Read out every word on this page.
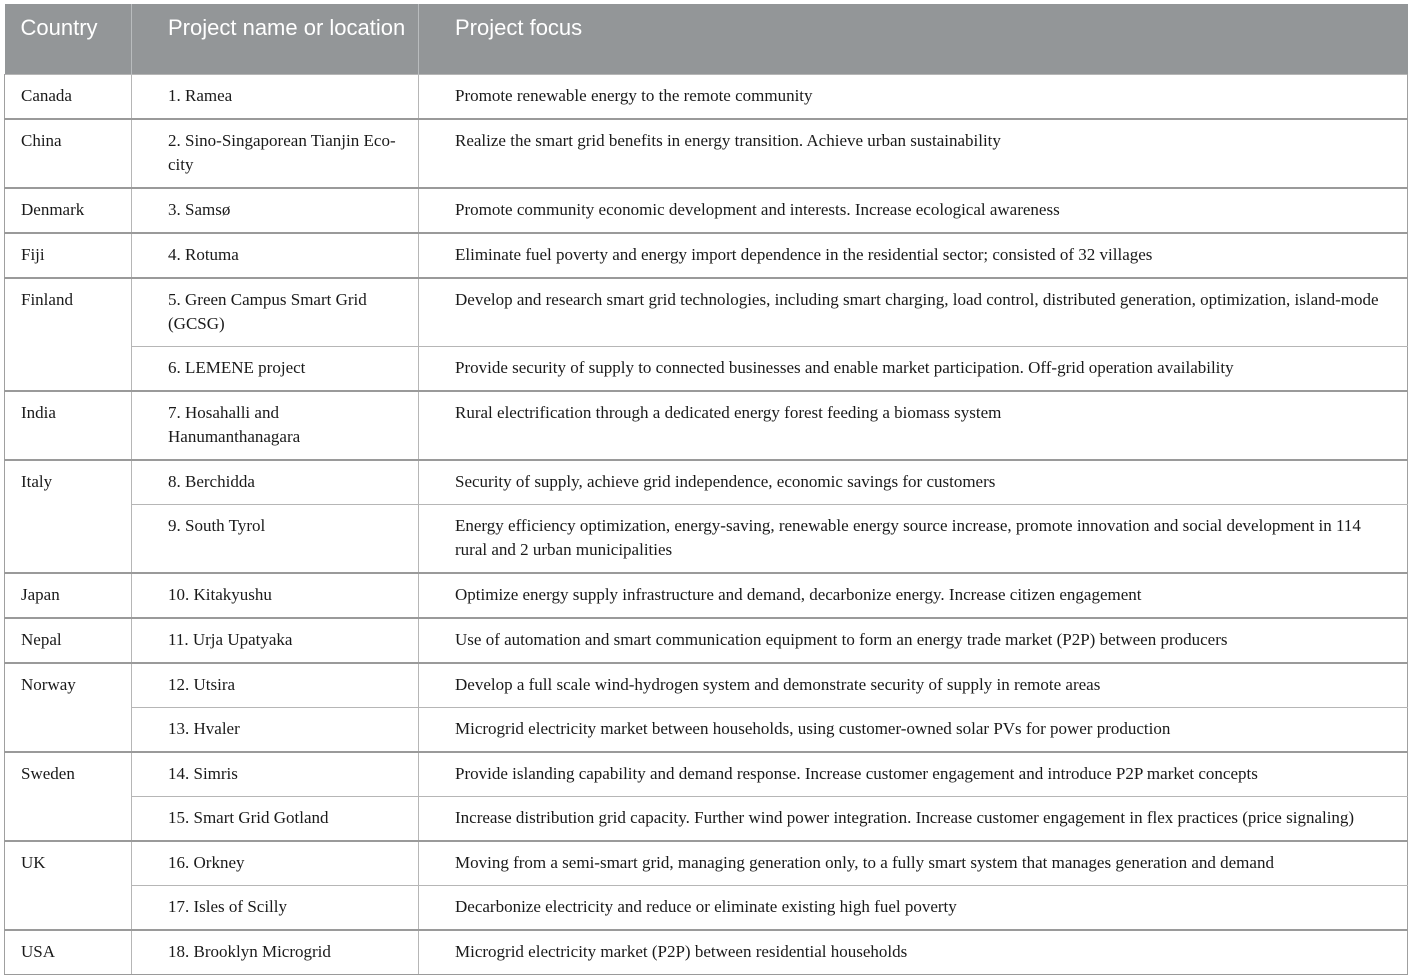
Country	Project name or location	Project focus
Canada	1. Ramea	Promote renewable energy to the remote community
China	2. Sino-Singaporean Tianjin Eco-city	Realize the smart grid benefits in energy transition. Achieve urban sustainability
Denmark	3. Samsø	Promote community economic development and interests. Increase ecological awareness
Fiji	4. Rotuma	Eliminate fuel poverty and energy import dependence in the residential sector; consisted of 32 villages
Finland	5. Green Campus Smart Grid (GCSG)	Develop and research smart grid technologies, including smart charging, load control, distributed generation, optimization, island-mode
	6. LEMENE project	Provide security of supply to connected businesses and enable market participation. Off-grid operation availability
India	7. Hosahalli and Hanumanthanagara	Rural electrification through a dedicated energy forest feeding a biomass system
Italy	8. Berchidda	Security of supply, achieve grid independence, economic savings for customers
	9. South Tyrol	Energy efficiency optimization, energy-saving, renewable energy source increase, promote innovation and social development in 114 rural and 2 urban municipalities
Japan	10. Kitakyushu	Optimize energy supply infrastructure and demand, decarbonize energy. Increase citizen engagement
Nepal	11. Urja Upatyaka	Use of automation and smart communication equipment to form an energy trade market (P2P) between producers
Norway	12. Utsira	Develop a full scale wind-hydrogen system and demonstrate security of supply in remote areas
	13. Hvaler	Microgrid electricity market between households, using customer-owned solar PVs for power production
Sweden	14. Simris	Provide islanding capability and demand response. Increase customer engagement and introduce P2P market concepts
	15. Smart Grid Gotland	Increase distribution grid capacity. Further wind power integration. Increase customer engagement in flex practices (price signaling)
UK	16. Orkney	Moving from a semi-smart grid, managing generation only, to a fully smart system that manages generation and demand
	17. Isles of Scilly	Decarbonize electricity and reduce or eliminate existing high fuel poverty
USA	18. Brooklyn Microgrid	Microgrid electricity market (P2P) between residential households
